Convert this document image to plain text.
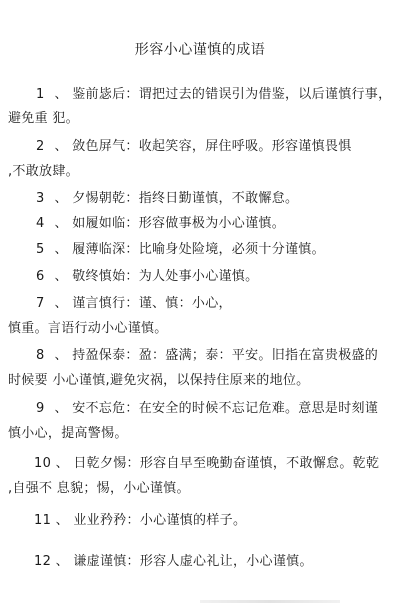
形容小心谨慎的成语
1 、 鉴前毖后：谓把过去的错误引为借鉴，以后谨慎行事，
避免重 犯。
2 、 敛色屏气：收起笑容，屏住呼吸。形容谨慎畏惧
,不敢放肆。
3 、 夕惕朝乾：指终日勤谨慎，不敢懈怠。
4 、 如履如临：形容做事极为小心谨慎。
5 、 履薄临深：比喻身处险境，必须十分谨慎。
6 、 敬终慎始：为人处事小心谨慎。
7 、 谨言慎行：谨、慎：小心，
慎重。言语行动小心谨慎。
8 、 持盈保泰：盈：盛满；泰：平安。旧指在富贵极盛的
时候要 小心谨慎,避免灾祸，以保持住原来的地位。
9 、 安不忘危：在安全的时候不忘记危难。意思是时刻谨
慎小心，提高警惕。
10 、 日乾夕惕：形容自早至晚勤奋谨慎，不敢懈怠。乾乾
,自强不 息貌；惕，小心谨慎。
11 、 业业矜矜：小心谨慎的样子。
12 、 谦虚谨慎：形容人虚心礼让，小心谨慎。
